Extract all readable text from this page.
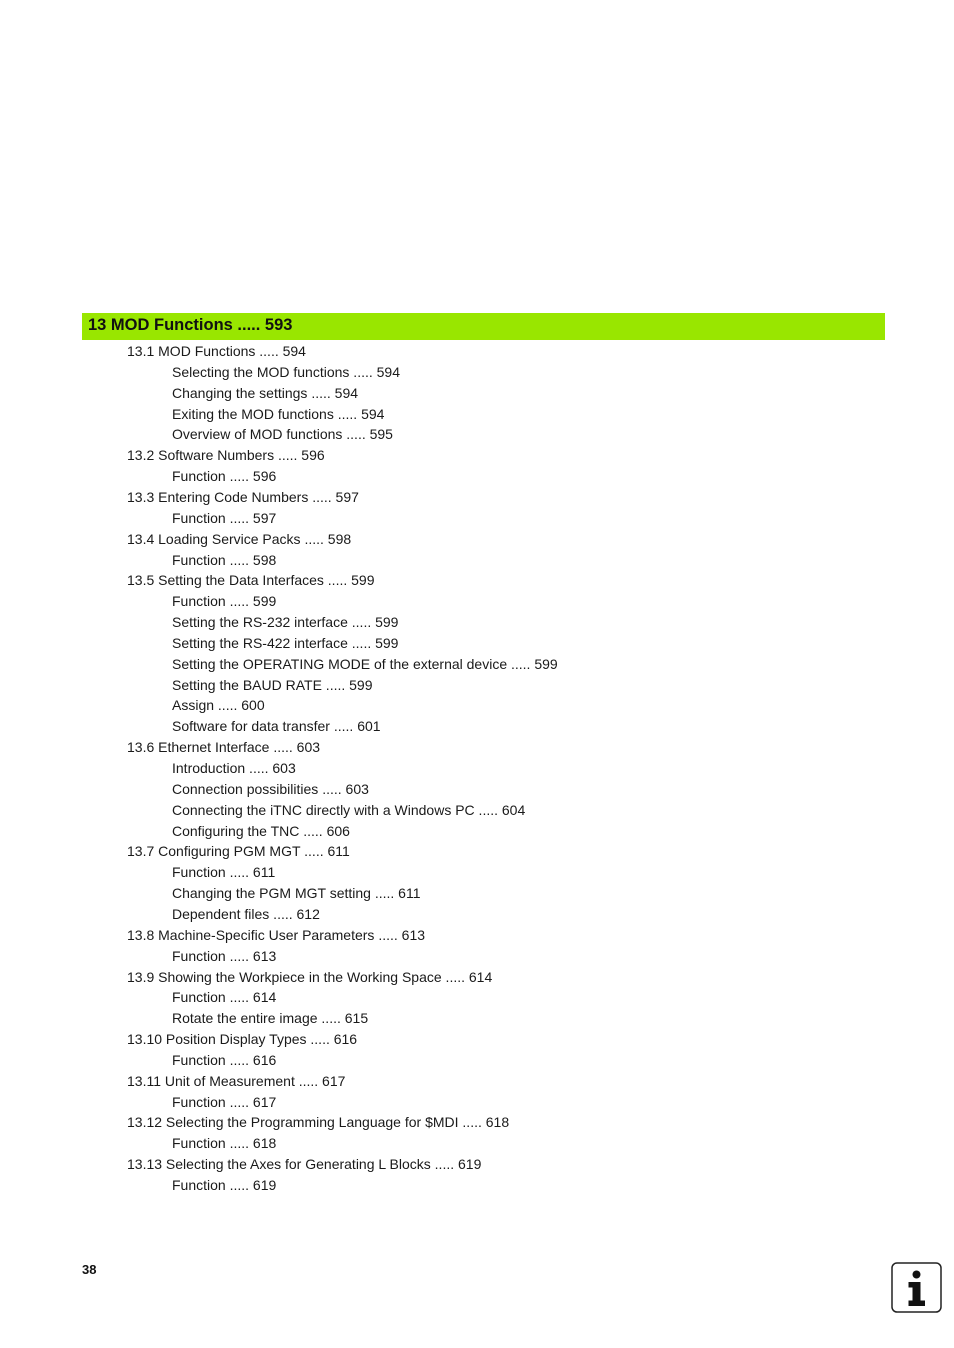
13 MOD Functions ..... 593
13.1 MOD Functions ..... 594
Selecting the MOD functions ..... 594
Changing the settings ..... 594
Exiting the MOD functions ..... 594
Overview of MOD functions ..... 595
13.2 Software Numbers ..... 596
Function ..... 596
13.3 Entering Code Numbers ..... 597
Function ..... 597
13.4 Loading Service Packs ..... 598
Function ..... 598
13.5 Setting the Data Interfaces ..... 599
Function ..... 599
Setting the RS-232 interface ..... 599
Setting the RS-422 interface ..... 599
Setting the OPERATING MODE of the external device ..... 599
Setting the BAUD RATE ..... 599
Assign ..... 600
Software for data transfer ..... 601
13.6 Ethernet Interface ..... 603
Introduction ..... 603
Connection possibilities ..... 603
Connecting the iTNC directly with a Windows PC ..... 604
Configuring the TNC ..... 606
13.7 Configuring PGM MGT ..... 611
Function ..... 611
Changing the PGM MGT setting ..... 611
Dependent files ..... 612
13.8 Machine-Specific User Parameters ..... 613
Function ..... 613
13.9 Showing the Workpiece in the Working Space ..... 614
Function ..... 614
Rotate the entire image ..... 615
13.10 Position Display Types ..... 616
Function ..... 616
13.11 Unit of Measurement ..... 617
Function ..... 617
13.12 Selecting the Programming Language for $MDI ..... 618
Function ..... 618
13.13 Selecting the Axes for Generating L Blocks ..... 619
Function ..... 619
38
